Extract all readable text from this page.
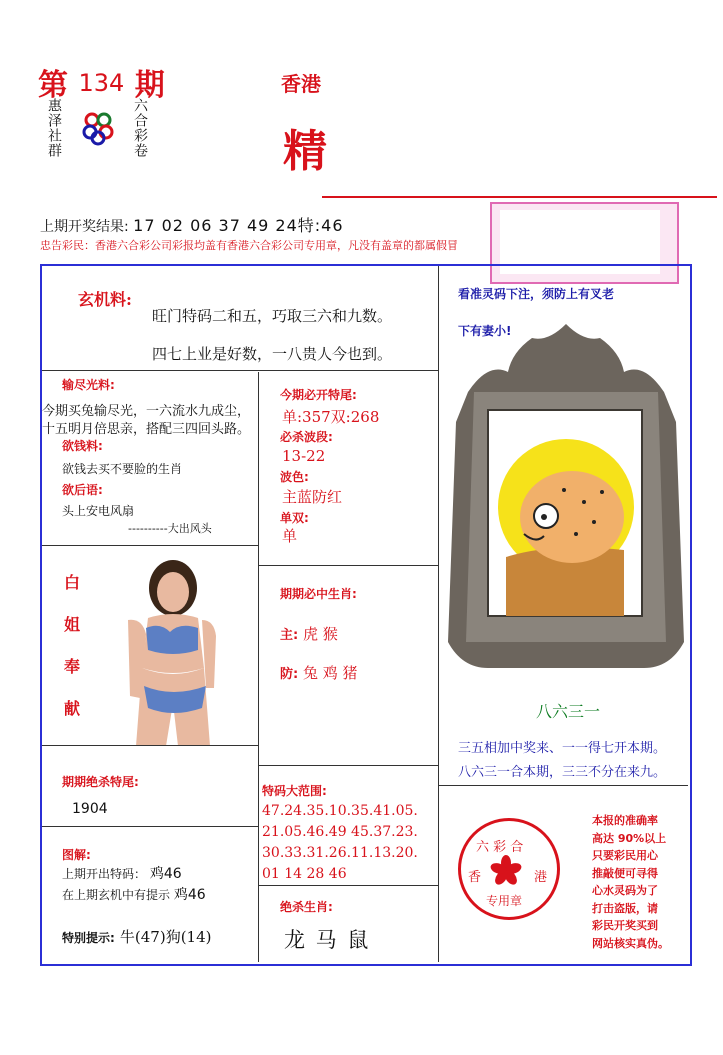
第 134 期
惠泽社群	六合彩卷
香港
精
上期开奖结果: 17 02 06 37 49 24特:46
忠告彩民：香港六合彩公司彩报均盖有香港六合彩公司专用章，凡没有盖章的都属假冒
玄机料:
旺门特码二和五，巧取三六和九数。
四七上业是好数，一八贵人今也到。
输尽光料:
今期买兔输尽光，一六流水九成尘，
十五明月倍思亲，搭配三四回头路。
欲钱料:
欲钱去买不要脸的生肖
欲后语:
头上安电风扇
----------大出风头
今期必开特尾:
单:357双:268
必杀波段:
13-22
波色:
主蓝防红
单双:
单
期期必中生肖:
主: 虎 猴
防: 兔 鸡 猪
白
姐
奉
献
期期绝杀特尾:
1904
特码大范围:
47.24.35.10.35.41.05.
21.05.46.49 45.37.23.
30.33.31.26.11.13.20.
01 14 28 46
图解:
上期开出特码： 鸡46
在上期玄机中有提示 鸡46
特别提示: 牛(47)狗(14)
绝杀生肖:
龙 马 鼠
看准灵码下注，须防上有叉老
下有妻小!
八六三一
三五相加中奖来、一一得七开本期。
八六三一合本期，三三不分在来九。
六 彩 合
香	港
专用章
本报的准确率
高达 90%以上
只要彩民用心
推敲便可寻得
心水灵码为了
打击盗版，请
彩民开奖买到
网站核实真伪。
